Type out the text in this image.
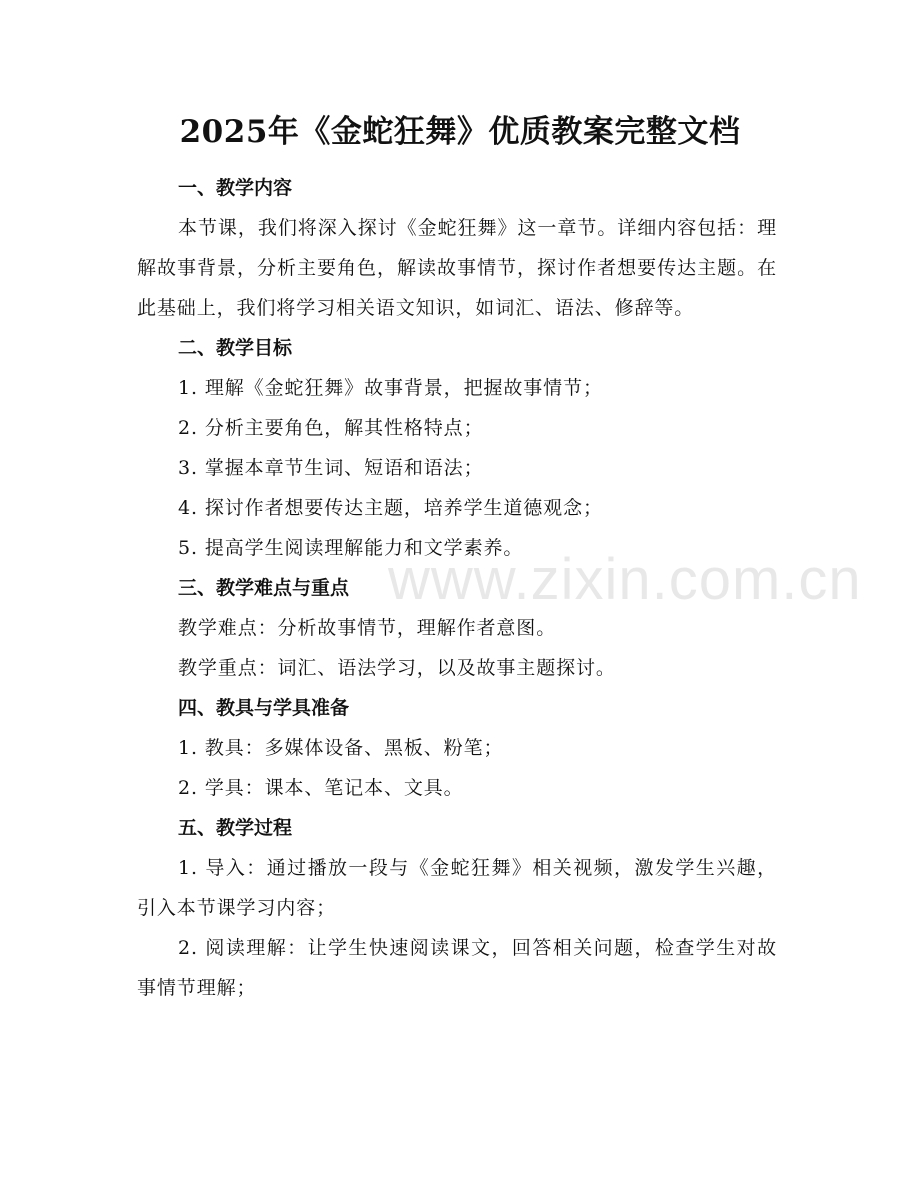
2025年《金蛇狂舞》优质教案完整文档
www.zixin.com.cn

一、教学内容

本节课，我们将深入探讨《金蛇狂舞》这一章节。详细内容包括：理解故事背景，分析主要角色，解读故事情节，探讨作者想要传达主题。在此基础上，我们将学习相关语文知识，如词汇、语法、修辞等。

二、教学目标

1. 理解《金蛇狂舞》故事背景，把握故事情节；

2. 分析主要角色，解其性格特点；

3. 掌握本章节生词、短语和语法；

4. 探讨作者想要传达主题，培养学生道德观念；

5. 提高学生阅读理解能力和文学素养。

三、教学难点与重点

教学难点：分析故事情节，理解作者意图。

教学重点：词汇、语法学习，以及故事主题探讨。

四、教具与学具准备

1. 教具：多媒体设备、黑板、粉笔；

2. 学具：课本、笔记本、文具。

五、教学过程

1. 导入：通过播放一段与《金蛇狂舞》相关视频，激发学生兴趣，引入本节课学习内容；

2. 阅读理解：让学生快速阅读课文，回答相关问题，检查学生对故事情节理解；
